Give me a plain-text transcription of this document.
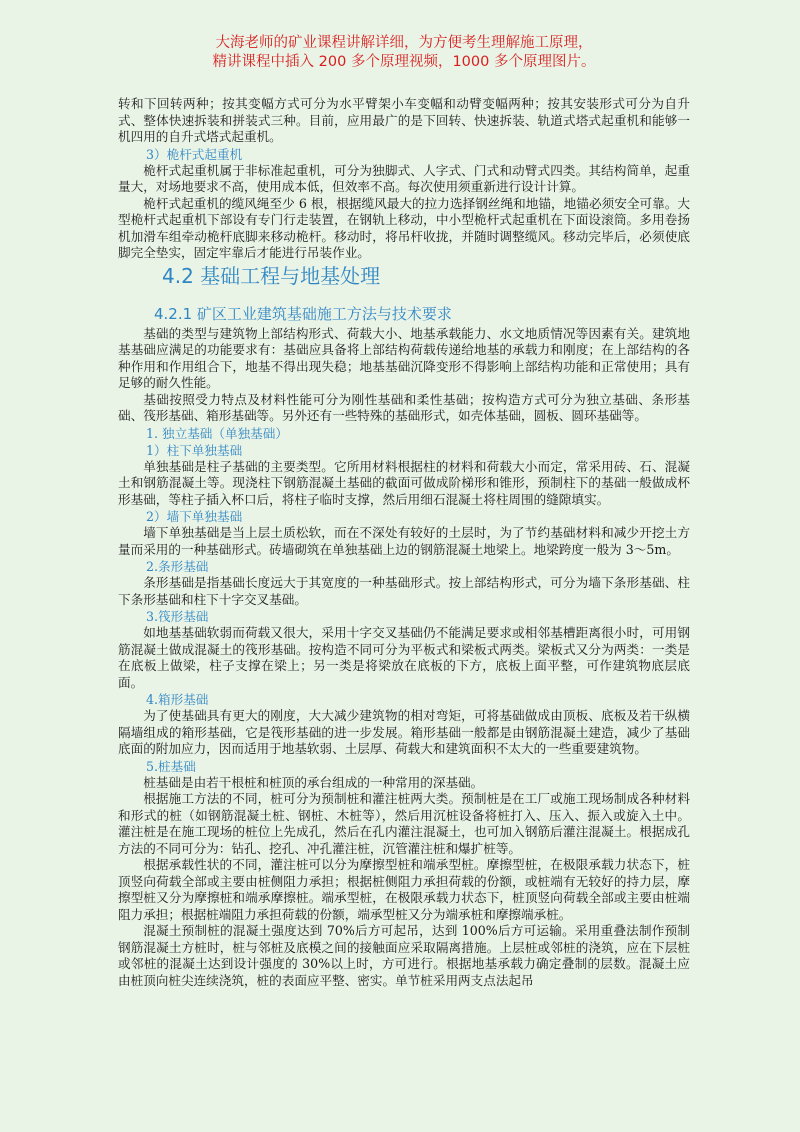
大海老师的矿业课程讲解详细，为方便考生理解施工原理，
精讲课程中插入 200 多个原理视频，1000 多个原理图片。

转和下回转两种；按其变幅方式可分为水平臂架小车变幅和动臂变幅两种；按其安装形式可分为自升式、整体快速拆装和拼装式三种。目前，应用最广的是下回转、快速拆装、轨道式塔式起重机和能够一机四用的自升式塔式起重机。

3）桅杆式起重机

桅杆式起重机属于非标准起重机，可分为独脚式、人字式、门式和动臂式四类。其结构简单，起重量大，对场地要求不高，使用成本低，但效率不高。每次使用须重新进行设计计算。

桅杆式起重机的缆风绳至少 6 根，根据缆风最大的拉力选择钢丝绳和地锚，地锚必须安全可靠。大型桅杆式起重机下部设有专门行走装置，在钢轨上移动，中小型桅杆式起重机在下面设滚筒。多用卷扬机加滑车组牵动桅杆底脚来移动桅杆。移动时，将吊杆收拢，并随时调整缆风。移动完毕后，必须使底脚完全垫实，固定牢靠后才能进行吊装作业。

4.2 基础工程与地基处理
4.2.1 矿区工业建筑基础施工方法与技术要求

基础的类型与建筑物上部结构形式、荷载大小、地基承载能力、水文地质情况等因素有关。建筑地基基础应满足的功能要求有：基础应具备将上部结构荷载传递给地基的承载力和刚度；在上部结构的各种作用和作用组合下，地基不得出现失稳；地基基础沉降变形不得影响上部结构功能和正常使用；具有足够的耐久性能。

基础按照受力特点及材料性能可分为刚性基础和柔性基础；按构造方式可分为独立基础、条形基础、筏形基础、箱形基础等。另外还有一些特殊的基础形式，如壳体基础，圆板、圆环基础等。

1. 独立基础（单独基础）

1）柱下单独基础

单独基础是柱子基础的主要类型。它所用材料根据柱的材料和荷载大小而定，常采用砖、石、混凝土和钢筋混凝土等。现浇柱下钢筋混凝土基础的截面可做成阶梯形和锥形，预制柱下的基础一般做成杯形基础，等柱子插入杯口后，将柱子临时支撑，然后用细石混凝土将柱周围的缝隙填实。

2）墙下单独基础

墙下单独基础是当上层土质松软，而在不深处有较好的土层时，为了节约基础材料和减少开挖土方量而采用的一种基础形式。砖墙砌筑在单独基础上边的钢筋混凝土地梁上。地梁跨度一般为 3～5m。

2.条形基础

条形基础是指基础长度远大于其宽度的一种基础形式。按上部结构形式，可分为墙下条形基础、柱下条形基础和柱下十字交叉基础。

3.筏形基础

如地基基础软弱而荷载又很大，采用十字交叉基础仍不能满足要求或相邻基槽距离很小时，可用钢筋混凝土做成混凝土的筏形基础。按构造不同可分为平板式和梁板式两类。梁板式又分为两类：一类是在底板上做梁，柱子支撑在梁上；另一类是将梁放在底板的下方，底板上面平整，可作建筑物底层底面。

4.箱形基础

为了使基础具有更大的刚度，大大减少建筑物的相对弯矩，可将基础做成由顶板、底板及若干纵横隔墙组成的箱形基础，它是筏形基础的进一步发展。箱形基础一般都是由钢筋混凝土建造，减少了基础底面的附加应力，因而适用于地基软弱、土层厚、荷载大和建筑面积不太大的一些重要建筑物。

5.桩基础

桩基础是由若干根桩和桩顶的承台组成的一种常用的深基础。

根据施工方法的不同，桩可分为预制桩和灌注桩两大类。预制桩是在工厂或施工现场制成各种材料和形式的桩（如钢筋混凝土桩、钢桩、木桩等），然后用沉桩设备将桩打入、压入、振入或旋入土中。灌注桩是在施工现场的桩位上先成孔，然后在孔内灌注混凝土，也可加入钢筋后灌注混凝土。根据成孔方法的不同可分为：钻孔、挖孔、冲孔灌注桩，沉管灌注桩和爆扩桩等。

根据承载性状的不同，灌注桩可以分为摩擦型桩和端承型桩。摩擦型桩，在极限承载力状态下，桩顶竖向荷载全部或主要由桩侧阻力承担；根据桩侧阻力承担荷载的份额，或桩端有无较好的持力层，摩擦型桩又分为摩擦桩和端承摩擦桩。端承型桩，在极限承载力状态下，桩顶竖向荷载全部或主要由桩端阻力承担；根据桩端阻力承担荷载的份额，端承型桩又分为端承桩和摩擦端承桩。

混凝土预制桩的混凝土强度达到 70%后方可起吊，达到 100%后方可运输。采用重叠法制作预制钢筋混凝土方桩时，桩与邻桩及底模之间的接触面应采取隔离措施。上层桩或邻桩的浇筑，应在下层桩或邻桩的混凝土达到设计强度的 30%以上时，方可进行。根据地基承载力确定叠制的层数。混凝土应由桩顶向桩尖连续浇筑，桩的表面应平整、密实。单节桩采用两支点法起吊
